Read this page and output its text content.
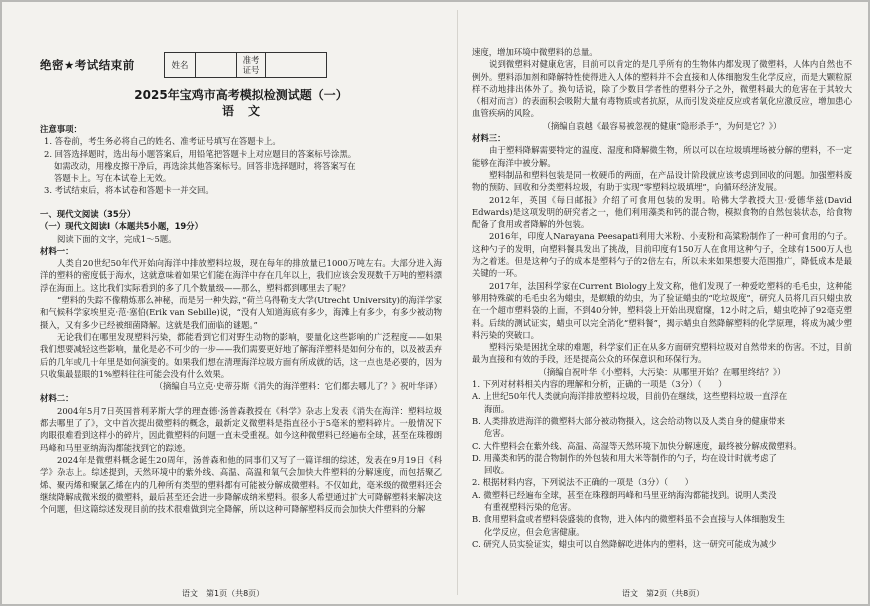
绝密★考试结束前	姓名	准考
证号
2025年宝鸡市高考模拟检测试题（一）
语文
注意事项：
1. 答卷前，考生务必将自己的姓名、准考证号填写在答题卡上。
2. 回答选择题时，选出每小题答案后，用铅笔把答题卡上对应题目的答案标号涂黑。
如需改动，用橡皮擦干净后，再选涂其他答案标号。回答非选择题时，将答案写在
答题卡上。写在本试卷上无效。
3. 考试结束后，将本试卷和答题卡一并交回。
一、现代文阅读（35分）
（一）现代文阅读Ⅰ（本题共5小题，19分）
阅读下面的文字，完成1～5题。
材料一：
人类自20世纪50年代开始向海洋中排放塑料垃圾，现在每年的排放量已1000万吨左右。大部分进入海洋的塑料的密度低于海水，这就意味着如果它们能在海洋中存在几年以上，我们应该会发现数千万吨的塑料漂浮在海面上。这比我们实际看到的多了几个数量级——那么，塑料都到哪里去了呢？
“塑料的失踪不像精炼那么神秘，而是另一种失踪，”荷兰乌得勒支大学(Utrecht University)的海洋学家和气候科学家埃里克·范·塞伯(Erik van Sebille)说，“没有人知道海底有多少，海滩上有多少，有多少被动物摄入，又有多少已经被细菌降解。这就是我们面临的谜题。”
无论我们在哪里发现塑料污染，都能看到它们对野生动物的影响，要量化这些影响的广泛程度——如果我们想要减轻这些影响，量化是必不可少的一步——我们需要更好地了解海洋塑料是如何分布的，以及被丢弃后的几年或几十年里是如何演变的。如果我们想在清理海洋垃圾方面有所成就的话，这一点也是必要的，因为只收集最显眼的1%塑料往往可能会没有什么效果。
（摘编自马立克·史蒂芬斯《消失的海洋塑料：它们都去哪儿了？》祝叶华译）
材料二：
2004年5月7日英国普利茅斯大学的理查德·汤普森教授在《科学》杂志上发表《消失在海洋：塑料垃圾都去哪里了了》，文中首次提出微塑料的概念，最新定义微塑料是指直径小于5毫米的塑料碎片。一般情况下肉眼很难看到这样小的碎片，因此微塑料的问题一直未受重视。如今这种微塑料已经遍布全球，甚至在珠穆朗玛峰和马里亚纳海沟都能找到它的踪迹。
2024年是微塑料概念诞生20周年，汤普森和他的同事们又写了一篇详细的综述，发表在9月19日《科学》杂志上。综述提到，天然环境中的紫外线、高温、高温和氧气会加快大件塑料的分解速度，而包括聚乙烯、聚丙烯和聚氯乙烯在内的几种所有类型的塑料都有可能被分解成微塑料。不仅如此，毫米级的微塑料还会继续降解成微米级的微塑料，最后甚至还会进一步降解成纳米塑料。很多人希望通过扩大可降解塑料来解决这个问题，但这篇综述发现目前的技术很难做到完全降解，所以这种可降解塑料反而会加快大件塑料的分解
速度，增加环境中微塑料的总量。
说到微塑料对健康危害，目前可以肯定的是几乎所有的生物体内都发现了微塑料，人体内自然也不例外。塑料添加剂和降解特性使得进入人体的塑料并不会直接和人体细胞发生化学反应，而是大颗粒原样不动地排出体外了。换句话说，除了少数目学者性的塑料分子之外，微塑料最大的危害在于其较大（相对而言）的表面积会吸附大量有毒物质或者抗原，从而引发炎症反应或者氧化应激反应，增加患心血管疾病的风险。
（摘编自袁越《最容易被忽视的健康“隐形杀手”，为何是它？》）
材料三：
由于塑料降解需要特定的温度、湿度和降解微生物，所以可以在垃圾填埋场被分解的塑料，不一定能够在海洋中被分解。
塑料制品和塑料包装是同一枚硬币的两面，在产品设计阶段就应该考虑到回收的问题。加强塑料废物的预防、回收和分类塑料垃圾，有助于实现“零塑料垃圾填埋”，向循环经济发展。
2012年，英国《每日邮报》介绍了可食用包装的发明。哈佛大学教授大卫·爱德华兹(David Edwards)是这项发明的研究者之一，他们利用藻类和钙的混合物，模拟食物的自然包装状态，给食物配备了食用或者降解的外包装。
2016年，印度人Narayana Peesapati利用大米粉、小麦粉和高粱粉制作了一种可食用的勺子。这种勺子的发明，向塑料餐具发出了挑战，目前印度有150万人在食用这种勺子，全球有1500万人也为之着迷。但是这种勺子的成本是塑料勺子的2倍左右，所以未来如果想要大范围推广，降低成本是最关键的一环。
2017年，法国科学家在Current Biology上发文称，他们发现了一种爱吃塑料的毛毛虫，这种能够用特殊碳的毛毛虫名为蜡虫，是螟蛾的幼虫，为了验证蜡虫的“吃垃圾度”，研究人员将几百只蜡虫放在一个超市塑料袋的上面，不到40分钟，塑料袋上开始出现窟窿，12小时之后，蜡虫吃掉了92毫克塑料。后续的测试证实，蜡虫可以完全消化“塑料餐”，揭示蜡虫自然降解塑料的化学原理，将成为减少塑料污染的突破口。
塑料污染是困扰全球的难题，科学家们正在从多方面研究塑料垃圾对自然带来的伤害。不过，目前最为直接和有效的手段，还是提高公众的环保意识和环保行为。
（摘编自祝叶华《小塑料，大污染：从哪里开始？在哪里终结？》）
1. 下列对材料相关内容的理解和分析，正确的一项是（3分）（　　）
A. 上世纪50年代人类就向海洋排放塑料垃圾，目前仍在继续，这些塑料垃圾一直浮在
海面。
B. 人类排放进海洋的微塑料大部分被动物摄入，这会给动物以及人类自身的健康带来
危害。
C. 大件塑料会在紫外线、高温、高湿等天然环境下加快分解速度，最终被分解成微塑料。
D. 用藻类和钙的混合物制作的外包装和用大米等制作的勺子，均在设计时就考虑了
回收。
2. 根据材料内容，下列说法不正确的一项是（3分）（　　）
A. 微塑料已经遍布全球，甚至在珠穆朗玛峰和马里亚纳海沟都能找到。说明人类没
有重视塑料污染的危害。
B. 食用塑料盒或者塑料袋盛装的食物，进入体内的微塑料虽不会直接与人体细胞发生
化学反应，但会危害健康。
C. 研究人员实验证实，蜡虫可以自然降解吃进体内的塑料，这一研究可能成为减少
语文　第1页（共8页）	语文　第2页（共8页）
